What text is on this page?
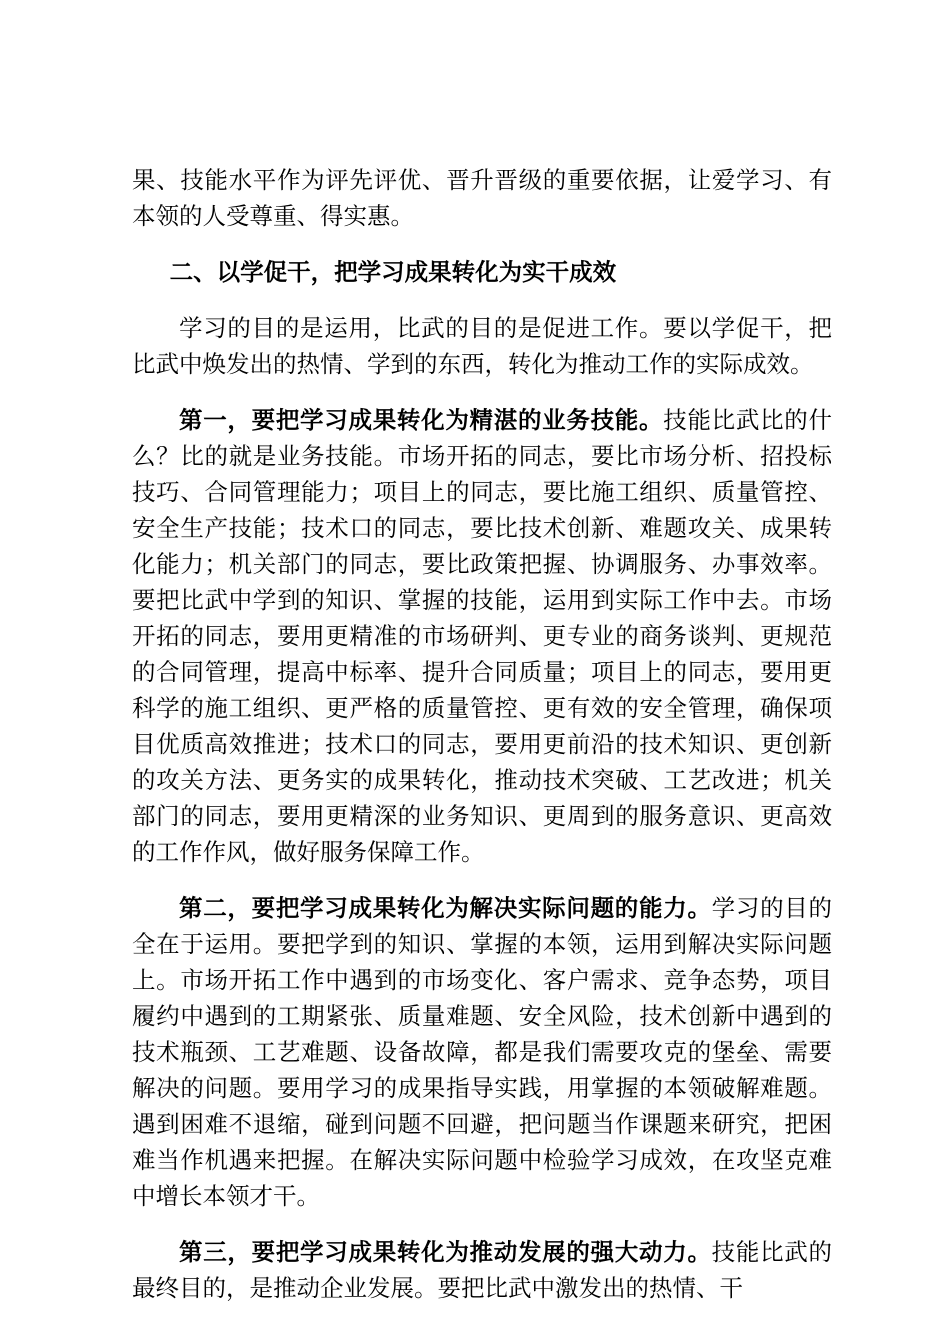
果、技能水平作为评先评优、晋升晋级的重要依据，让爱学习、有本领的人受尊重、得实惠。

二、以学促干，把学习成果转化为实干成效

学习的目的是运用，比武的目的是促进工作。要以学促干，把比武中焕发出的热情、学到的东西，转化为推动工作的实际成效。

第一，要把学习成果转化为精湛的业务技能。技能比武比的什么？比的就是业务技能。市场开拓的同志，要比市场分析、招投标技巧、合同管理能力；项目上的同志，要比施工组织、质量管控、安全生产技能；技术口的同志，要比技术创新、难题攻关、成果转化能力；机关部门的同志，要比政策把握、协调服务、办事效率。要把比武中学到的知识、掌握的技能，运用到实际工作中去。市场开拓的同志，要用更精准的市场研判、更专业的商务谈判、更规范的合同管理，提高中标率、提升合同质量；项目上的同志，要用更科学的施工组织、更严格的质量管控、更有效的安全管理，确保项目优质高效推进；技术口的同志，要用更前沿的技术知识、更创新的攻关方法、更务实的成果转化，推动技术突破、工艺改进；机关部门的同志，要用更精深的业务知识、更周到的服务意识、更高效的工作作风，做好服务保障工作。

第二，要把学习成果转化为解决实际问题的能力。学习的目的全在于运用。要把学到的知识、掌握的本领，运用到解决实际问题上。市场开拓工作中遇到的市场变化、客户需求、竞争态势，项目履约中遇到的工期紧张、质量难题、安全风险，技术创新中遇到的技术瓶颈、工艺难题、设备故障，都是我们需要攻克的堡垒、需要解决的问题。要用学习的成果指导实践，用掌握的本领破解难题。遇到困难不退缩，碰到问题不回避，把问题当作课题来研究，把困难当作机遇来把握。在解决实际问题中检验学习成效，在攻坚克难中增长本领才干。

第三，要把学习成果转化为推动发展的强大动力。技能比武的最终目的，是推动企业发展。要把比武中激发出的热情、干
